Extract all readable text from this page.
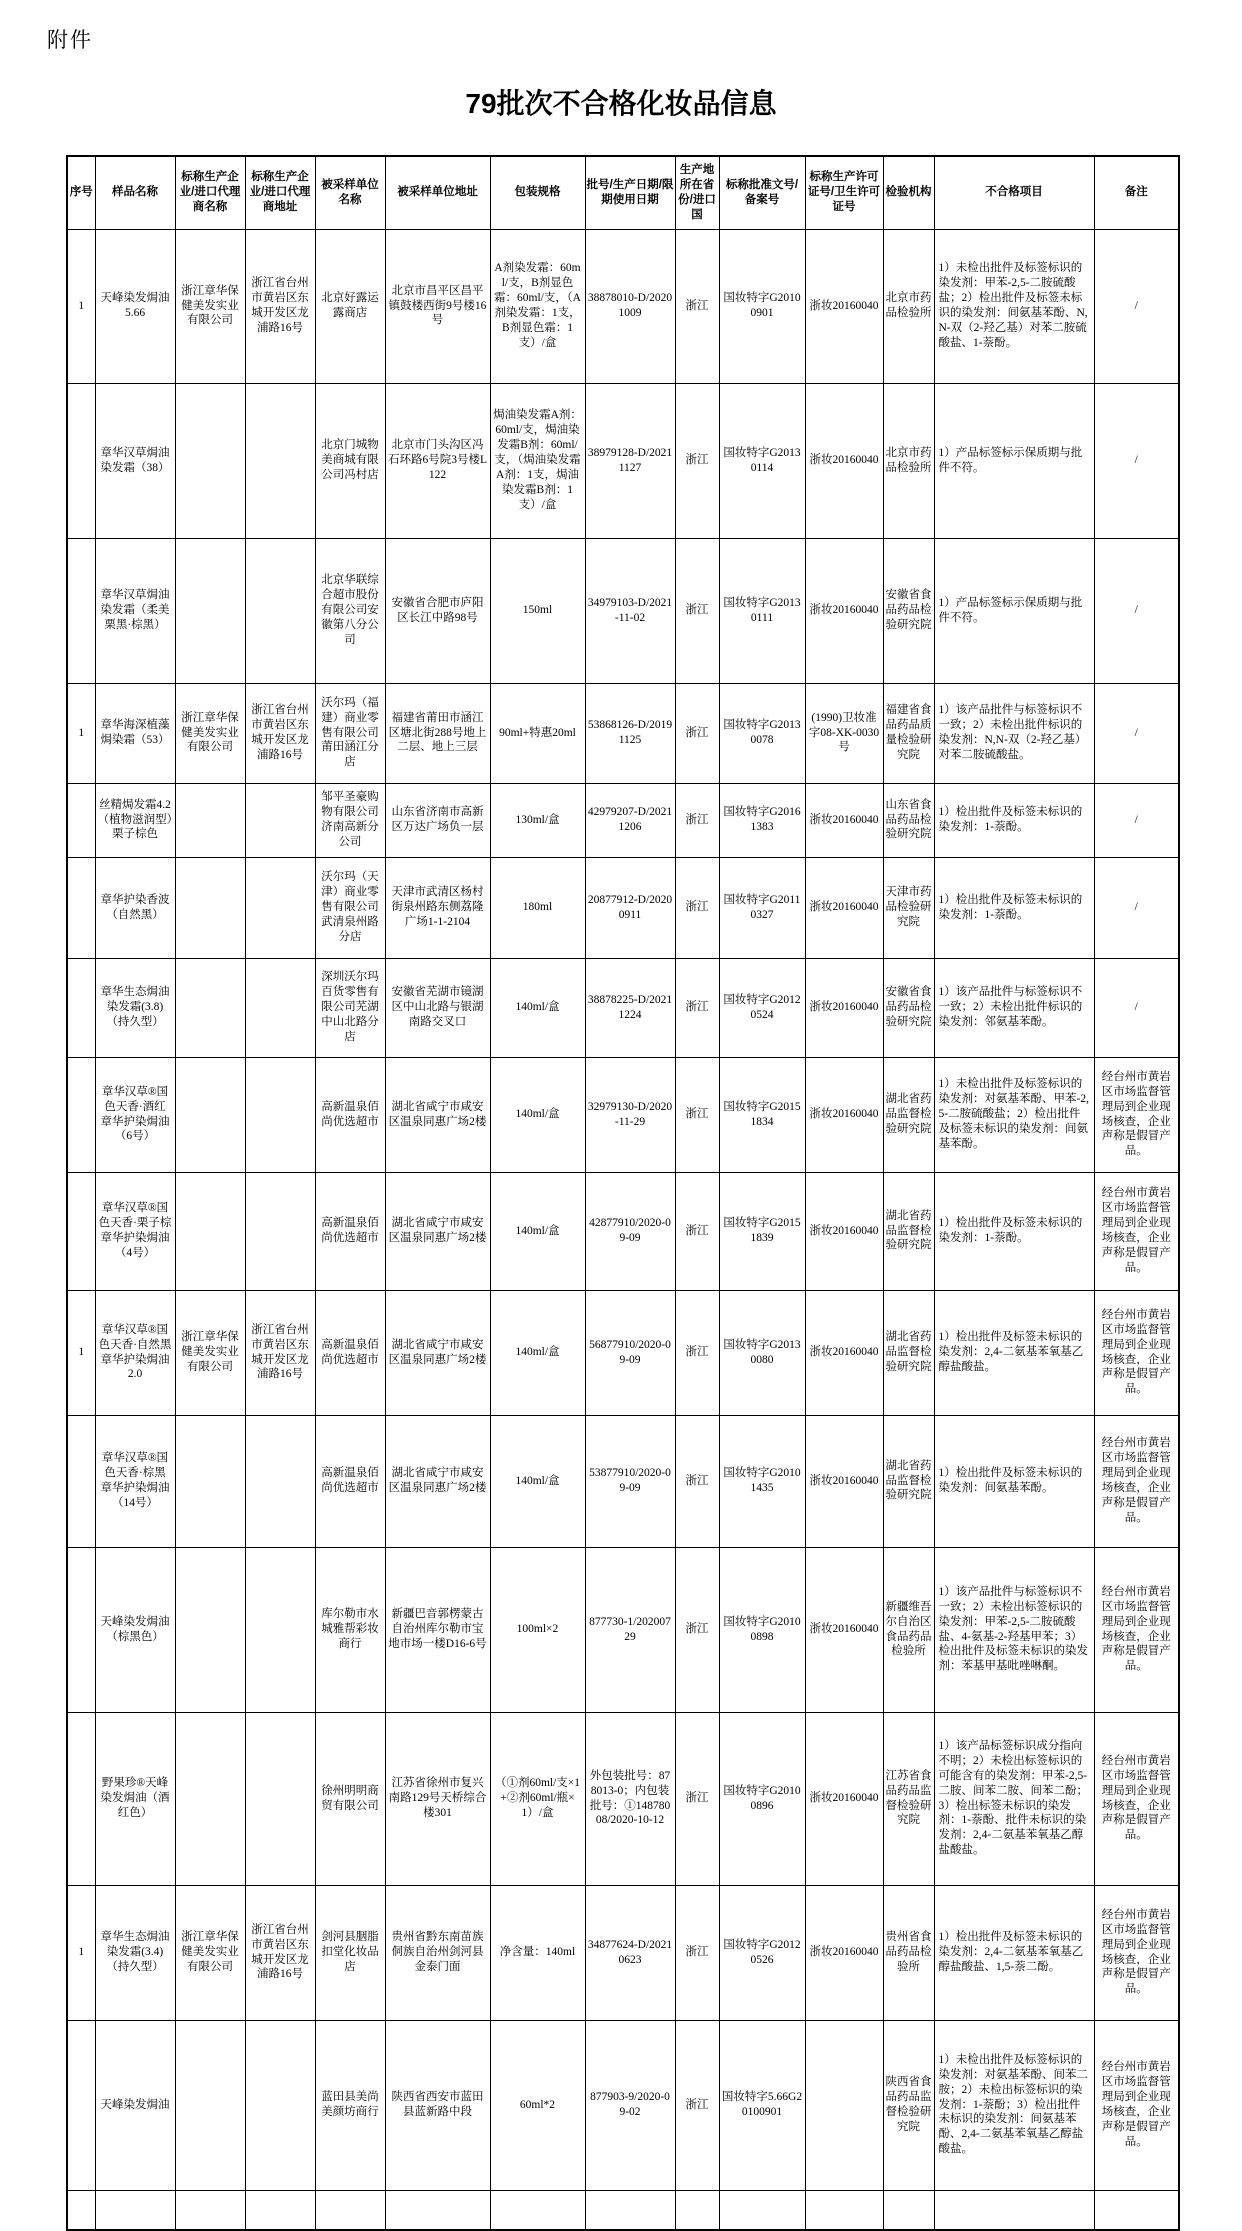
附件
79批次不合格化妆品信息
序号	样品名称	标称生产企业/进口代理商名称	标称生产企业/进口代理商地址	被采样单位名称	被采样单位地址	包装规格	批号/生产日期/限期使用日期	生产地所在省份/进口国	标称批准文号/备案号	标称生产许可证号/卫生许可证号	检验机构	不合格项目	备注
1	天峰染发焗油5.66	浙江章华保健美发实业有限公司	浙江省台州市黄岩区东城开发区龙浦路16号	北京好露运露商店	北京市昌平区昌平镇鼓楼西街9号楼16号	A剂染发霜：60ml/支，B剂显色霜：60ml/支，（A剂染发霜：1支，B剂显色霜：1支）/盒	38878010-D/20201009	浙江	国妆特字G20100901	浙妆20160040	北京市药品检验所	1）未检出批件及标签标识的染发剂：甲苯-2,5-二胺硫酸盐；2）检出批件及标签未标识的染发剂：间氨基苯酚、N,N-双（2-羟乙基）对苯二胺硫酸盐、1-萘酚。	/
	章华汉草焗油染发霜（38）			北京门城物美商城有限公司冯村店	北京市门头沟区冯石环路6号院3号楼L122	焗油染发霜A剂：60ml/支，焗油染发霜B剂：60ml/支，（焗油染发霜A剂：1支，焗油染发霜B剂：1支）/盒	38979128-D/20211127	浙江	国妆特字G20130114	浙妆20160040	北京市药品检验所	1）产品标签标示保质期与批件不符。	/
	章华汉草焗油染发霜（柔美栗黑·棕黑）			北京华联综合超市股份有限公司安徽第八分公司	安徽省合肥市庐阳区长江中路98号	150ml	34979103-D/2021-11-02	浙江	国妆特字G20130111	浙妆20160040	安徽省食品药品检验研究院	1）产品标签标示保质期与批件不符。	/
1	章华海深植藻焗染霜（53）	浙江章华保健美发实业有限公司	浙江省台州市黄岩区东城开发区龙浦路16号	沃尔玛（福建）商业零售有限公司莆田涵江分店	福建省莆田市涵江区塘北街288号地上二层、地上三层	90ml+特惠20ml	53868126-D/20191125	浙江	国妆特字G20130078	(1990)卫妆准字08-XK-0030号	福建省食品药品质量检验研究院	1）该产品批件与标签标识不一致；2）未检出批件标识的染发剂：N,N-双（2-羟乙基）对苯二胺硫酸盐。	/
	丝精焗发霜4.2（植物滋润型）栗子棕色			邹平圣豪购物有限公司济南高新分公司	山东省济南市高新区万达广场负一层	130ml/盒	42979207-D/20211206	浙江	国妆特字G20161383	浙妆20160040	山东省食品药品检验研究院	1）检出批件及标签未标识的染发剂：1-萘酚。	/
	章华护染香波（自然黑）			沃尔玛（天津）商业零售有限公司武清泉州路分店	天津市武清区杨村街泉州路东侧荔隆广场1-1-2104	180ml	20877912-D/20200911	浙江	国妆特字G20110327	浙妆20160040	天津市药品检验研究院	1）检出批件及标签未标识的染发剂：1-萘酚。	/
	章华生态焗油染发霜(3.8)（持久型）			深圳沃尔玛百货零售有限公司芜湖中山北路分店	安徽省芜湖市镜湖区中山北路与银湖南路交叉口	140ml/盒	38878225-D/20211224	浙江	国妆特字G20120524	浙妆20160040	安徽省食品药品检验研究院	1）该产品批件与标签标识不一致；2）未检出批件标识的染发剂：邻氨基苯酚。	/
	章华汉草®国色天香·酒红 章华护染焗油（6号）			高新温泉佰尚优选超市	湖北省咸宁市咸安区温泉同惠广场2楼	140ml/盒	32979130-D/2020-11-29	浙江	国妆特字G20151834	浙妆20160040	湖北省药品监督检验研究院	1）未检出批件及标签标识的染发剂：对氨基苯酚、甲苯-2,5-二胺硫酸盐；2）检出批件及标签未标识的染发剂：间氨基苯酚。	经台州市黄岩区市场监督管理局到企业现场核查，企业声称是假冒产品。
	章华汉草®国色天香·栗子棕 章华护染焗油（4号）			高新温泉佰尚优选超市	湖北省咸宁市咸安区温泉同惠广场2楼	140ml/盒	42877910/2020-09-09	浙江	国妆特字G20151839	浙妆20160040	湖北省药品监督检验研究院	1）检出批件及标签未标识的染发剂：1-萘酚。	经台州市黄岩区市场监督管理局到企业现场核查，企业声称是假冒产品。
1	章华汉草®国色天香·自然黑章华护染焗油2.0	浙江章华保健美发实业有限公司	浙江省台州市黄岩区东城开发区龙浦路16号	高新温泉佰尚优选超市	湖北省咸宁市咸安区温泉同惠广场2楼	140ml/盒	56877910/2020-09-09	浙江	国妆特字G20130080	浙妆20160040	湖北省药品监督检验研究院	1）检出批件及标签未标识的染发剂：2,4-二氨基苯氧基乙醇盐酸盐。	经台州市黄岩区市场监督管理局到企业现场核查，企业声称是假冒产品。
	章华汉草®国色天香·棕黑 章华护染焗油（14号）			高新温泉佰尚优选超市	湖北省咸宁市咸安区温泉同惠广场2楼	140ml/盒	53877910/2020-09-09	浙江	国妆特字G20101435	浙妆20160040	湖北省药品监督检验研究院	1）检出批件及标签未标识的染发剂：间氨基苯酚。	经台州市黄岩区市场监督管理局到企业现场核查，企业声称是假冒产品。
	天峰染发焗油（棕黑色）			库尔勒市水城雅帮彩妆商行	新疆巴音郭楞蒙古自治州库尔勒市宝地市场一楼D16-6号	100ml×2	877730-1/20200729	浙江	国妆特字G20100898	浙妆20160040	新疆维吾尔自治区食品药品检验所	1）该产品批件与标签标识不一致；2）未检出标签标识的染发剂：甲苯-2,5-二胺硫酸盐、4-氨基-2-羟基甲苯；3）检出批件及标签未标识的染发剂：苯基甲基吡唑啉酮。	经台州市黄岩区市场监督管理局到企业现场核查，企业声称是假冒产品。
	野果珍®天峰染发焗油（酒红色）			徐州明明商贸有限公司	江苏省徐州市复兴南路129号天桥综合楼301	（①剂60ml/支×1+②剂60ml/瓶×1）/盒	外包装批号：878013-0；内包装批号：①14878008/2020-10-12	浙江	国妆特字G20100896	浙妆20160040	江苏省食品药品监督检验研究院	1）该产品标签标识成分指向不明；2）未检出标签标识的可能含有的染发剂：甲苯-2,5-二胺、间苯二胺、间苯二酚；3）检出标签未标识的染发剂：1-萘酚、批件未标识的染发剂：2,4-二氨基苯氧基乙醇盐酸盐。	经台州市黄岩区市场监督管理局到企业现场核查，企业声称是假冒产品。
1	章华生态焗油染发霜(3.4)（持久型）	浙江章华保健美发实业有限公司	浙江省台州市黄岩区东城开发区龙浦路16号	剑河县胭脂扣堂化妆品店	贵州省黔东南苗族侗族自治州剑河县金泰门面	净含量：140ml	34877624-D/20210623	浙江	国妆特字G20120526	浙妆20160040	贵州省食品药品检验所	1）检出批件及标签未标识的染发剂：2,4-二氨基苯氧基乙醇盐酸盐、1,5-萘二酚。	经台州市黄岩区市场监督管理局到企业现场核查，企业声称是假冒产品。
	天峰染发焗油			蓝田县美尚美颜坊商行	陕西省西安市蓝田县蓝新路中段	60ml*2	877903-9/2020-09-02	浙江	国妆特字5.66G20100901		陕西省食品药品监督检验研究院	1）未检出批件及标签标识的染发剂：对氨基苯酚、间苯二胺；2）未检出标签标识的染发剂：1-萘酚；3）检出批件未标识的染发剂：间氨基苯酚、2,4-二氨基苯氧基乙醇盐酸盐。	经台州市黄岩区市场监督管理局到企业现场核查，企业声称是假冒产品。
